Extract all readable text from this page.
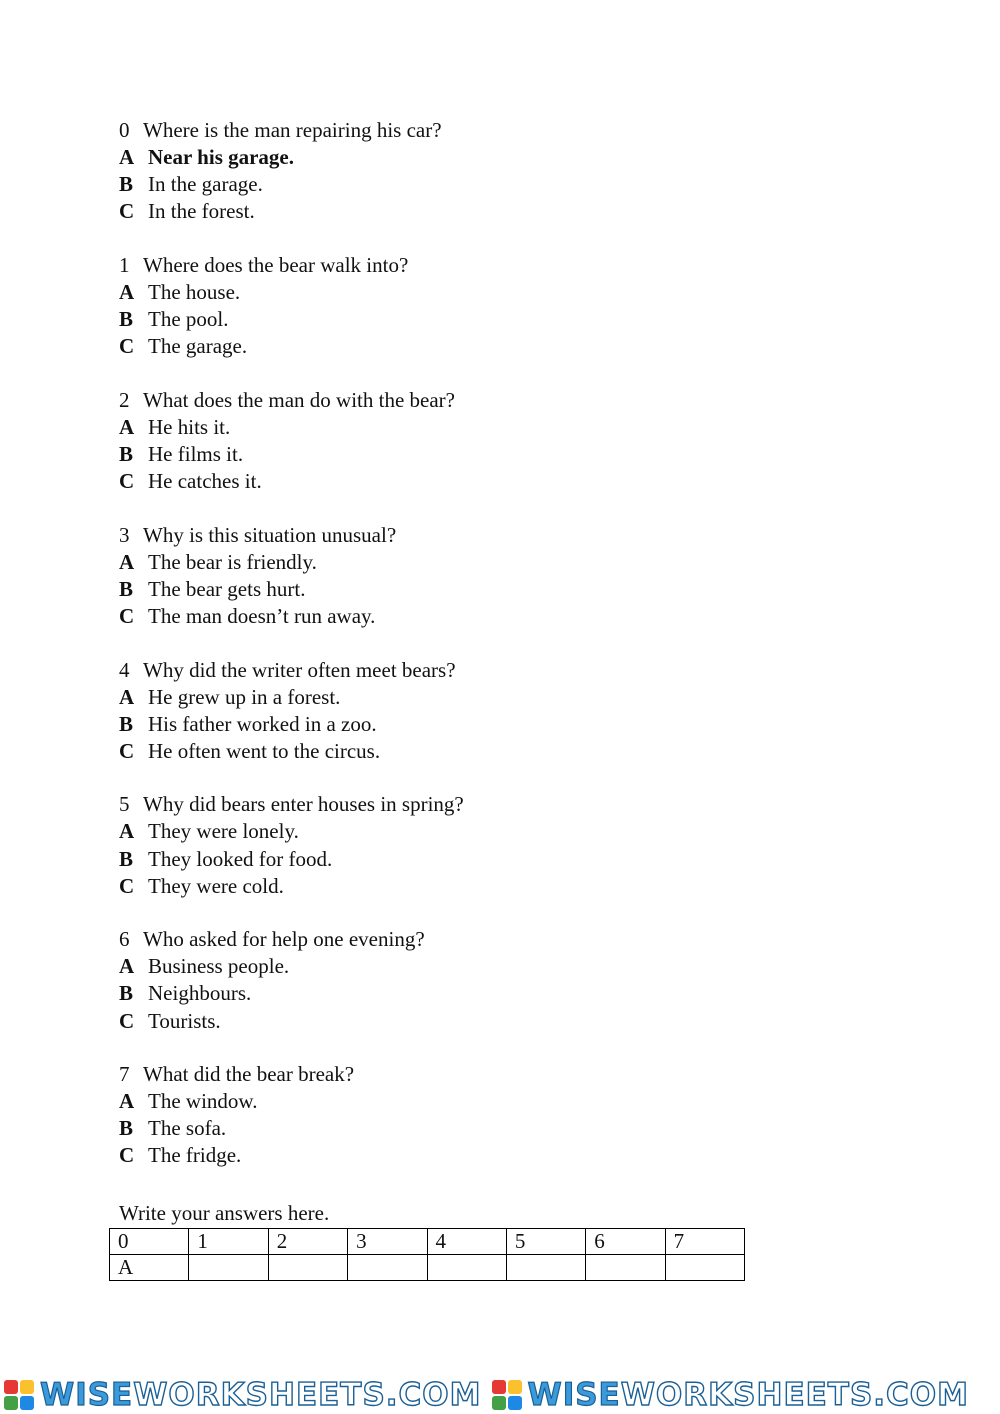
0 Where is the man repairing his car?
A Near his garage.
B In the garage.
C In the forest.
1 Where does the bear walk into?
A The house.
B The pool.
C The garage.
2 What does the man do with the bear?
A He hits it.
B He films it.
C He catches it.
3 Why is this situation unusual?
A The bear is friendly.
B The bear gets hurt.
C The man doesn’t run away.
4 Why did the writer often meet bears?
A He grew up in a forest.
B His father worked in a zoo.
C He often went to the circus.
5 Why did bears enter houses in spring?
A They were lonely.
B They looked for food.
C They were cold.
6 Who asked for help one evening?
A Business people.
B Neighbours.
C Tourists.
7 What did the bear break?
A The window.
B The sofa.
C The fridge.
Write your answers here.
0	1	2	3	4	5	6	7
A							
WISEWORKSHEETS.COM WISEWORKSHEETS.COM
